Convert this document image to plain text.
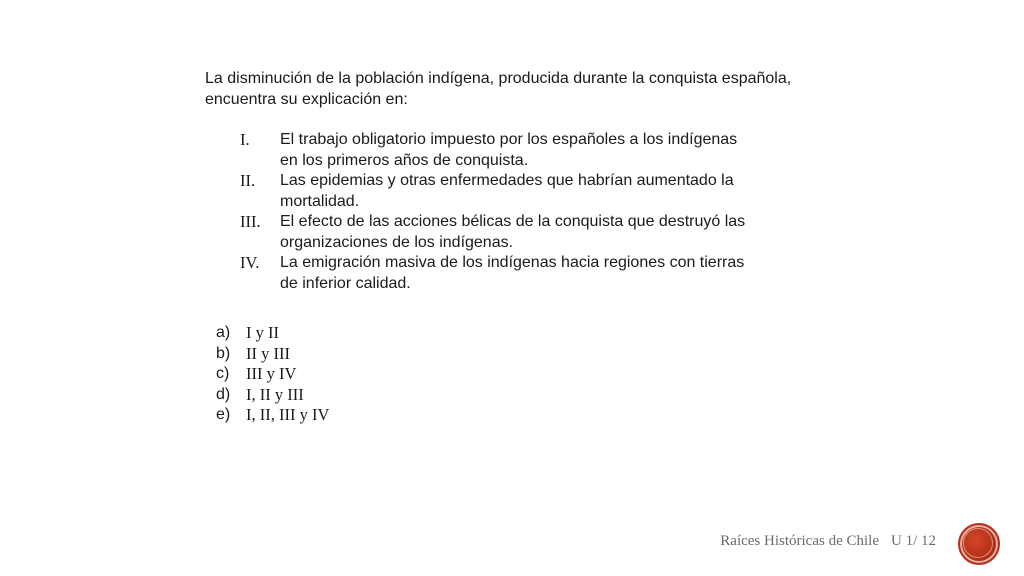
La disminución de la población indígena, producida durante la conquista española,

encuentra su explicación en:

I.	El trabajo obligatorio impuesto por los españoles a los indígenas
en los primeros años de conquista.
II.	Las epidemias y otras enfermedades que habrían aumentado la
mortalidad.
III.	El efecto de las acciones bélicas de la conquista que destruyó las
organizaciones de los indígenas.
IV.	La emigración masiva de los indígenas hacia regiones con tierras
de inferior calidad.
a) I y II
b) II y III
c)	III y IV
d) I, II y III
e) I, II, III y IV
Raíces Históricas de Chile U 1/ 12
